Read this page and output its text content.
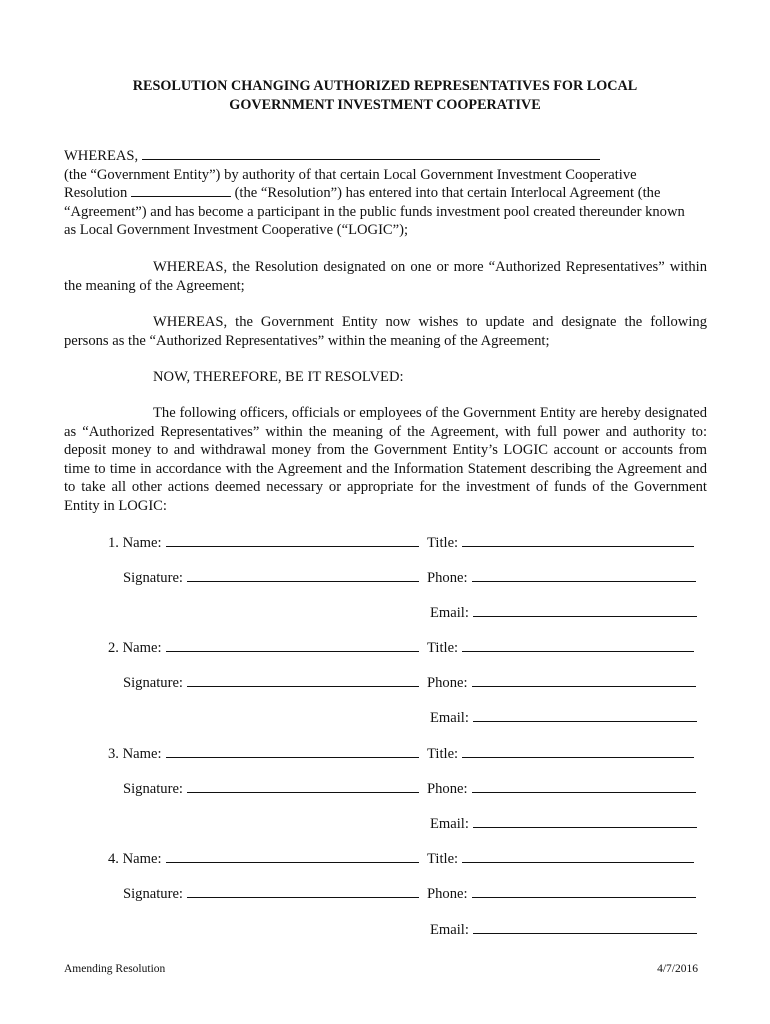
RESOLUTION CHANGING AUTHORIZED REPRESENTATIVES FOR LOCAL
GOVERNMENT INVESTMENT COOPERATIVE

WHEREAS,

(the “Government Entity”) by authority of that certain Local Government Investment Cooperative

Resolution	(the “Resolution”) has entered into that certain Interlocal Agreement (the

“Agreement”) and has become a participant in the public funds investment pool created thereunder known

as Local Government Investment Cooperative (“LOGIC”);

WHEREAS, the Resolution designated on one or more “Authorized Representatives” within the meaning of the Agreement;

WHEREAS, the Government Entity now wishes to update and designate the following persons as the “Authorized Representatives” within the meaning of the Agreement;

NOW, THEREFORE, BE IT RESOLVED:

The following officers, officials or employees of the Government Entity are hereby designated as “Authorized Representatives” within the meaning of the Agreement, with full power and authority to: deposit money to and withdrawal money from the Government Entity’s LOGIC account or accounts from time to time in accordance with the Agreement and the Information Statement describing the Agreement and to take all other actions deemed necessary or appropriate for the investment of funds of the Government Entity in LOGIC:

1. Name:	Title:
Signature:	Phone:
Email:
2. Name:	Title:
Signature:	Phone:
Email:
3. Name:	Title:
Signature:	Phone:
Email:
4. Name:	Title:
Signature:	Phone:
Email:
Amending Resolution	4/7/2016
